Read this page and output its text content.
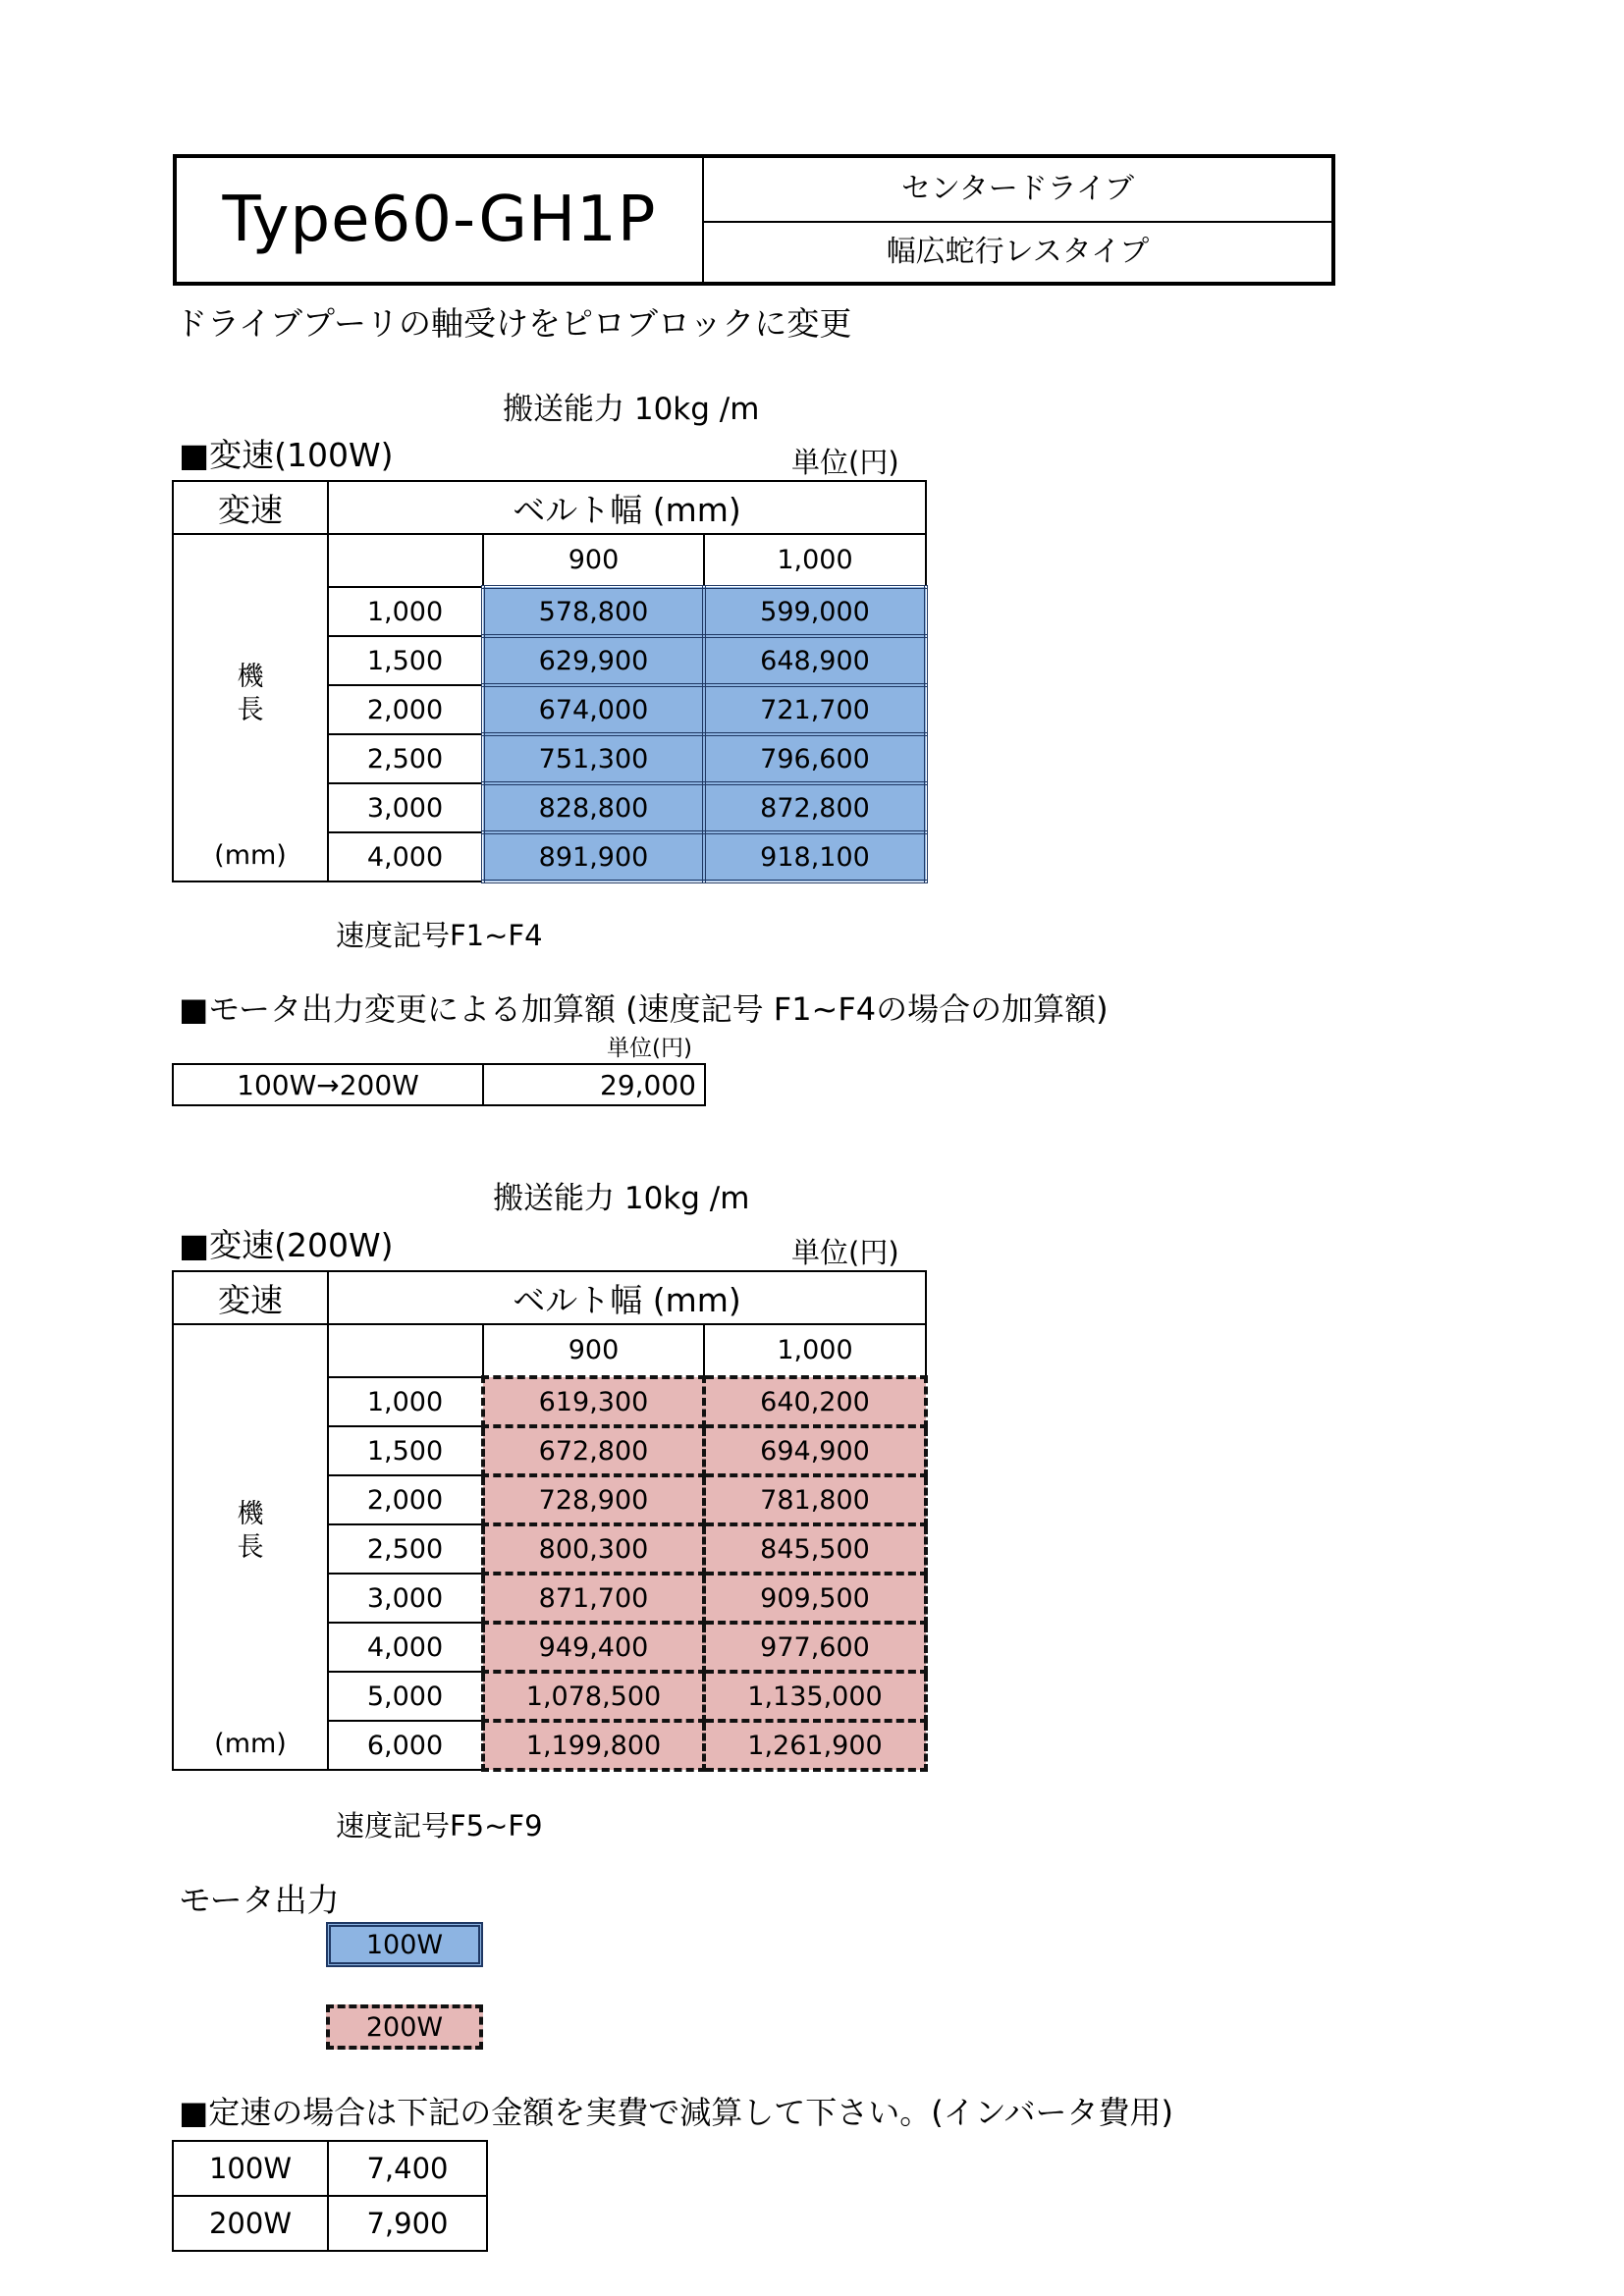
Type60-GH1P	センタードライブ
幅広蛇行レスタイプ
ドライブプーリの軸受けをピロブロックに変更
搬送能力 10kg /m
■変速(100W)	単位(円)
変速	ベルト幅 (mm)		

機
長
(mm)		900	1,000
	1,000	578,800	599,000
	1,500	629,900	648,900
	2,000	674,000	721,700
	2,500	751,300	796,600
	3,000	828,800	872,800
	4,000	891,900	918,100
速度記号F1~F4
■モータ出力変更による加算額 (速度記号 F1~F4の場合の加算額)
単位(円)
100W→200W	29,000
搬送能力 10kg /m
■変速(200W)	単位(円)
変速	ベルト幅 (mm)		

機
長
(mm)		900	1,000
	1,000	619,300	640,200
	1,500	672,800	694,900
	2,000	728,900	781,800
	2,500	800,300	845,500
	3,000	871,700	909,500
	4,000	949,400	977,600
	5,000	1,078,500	1,135,000
	6,000	1,199,800	1,261,900
速度記号F5~F9
モータ出力
100W
200W
■定速の場合は下記の金額を実費で減算して下さい。(インバータ費用)
100W	7,400
200W	7,900
